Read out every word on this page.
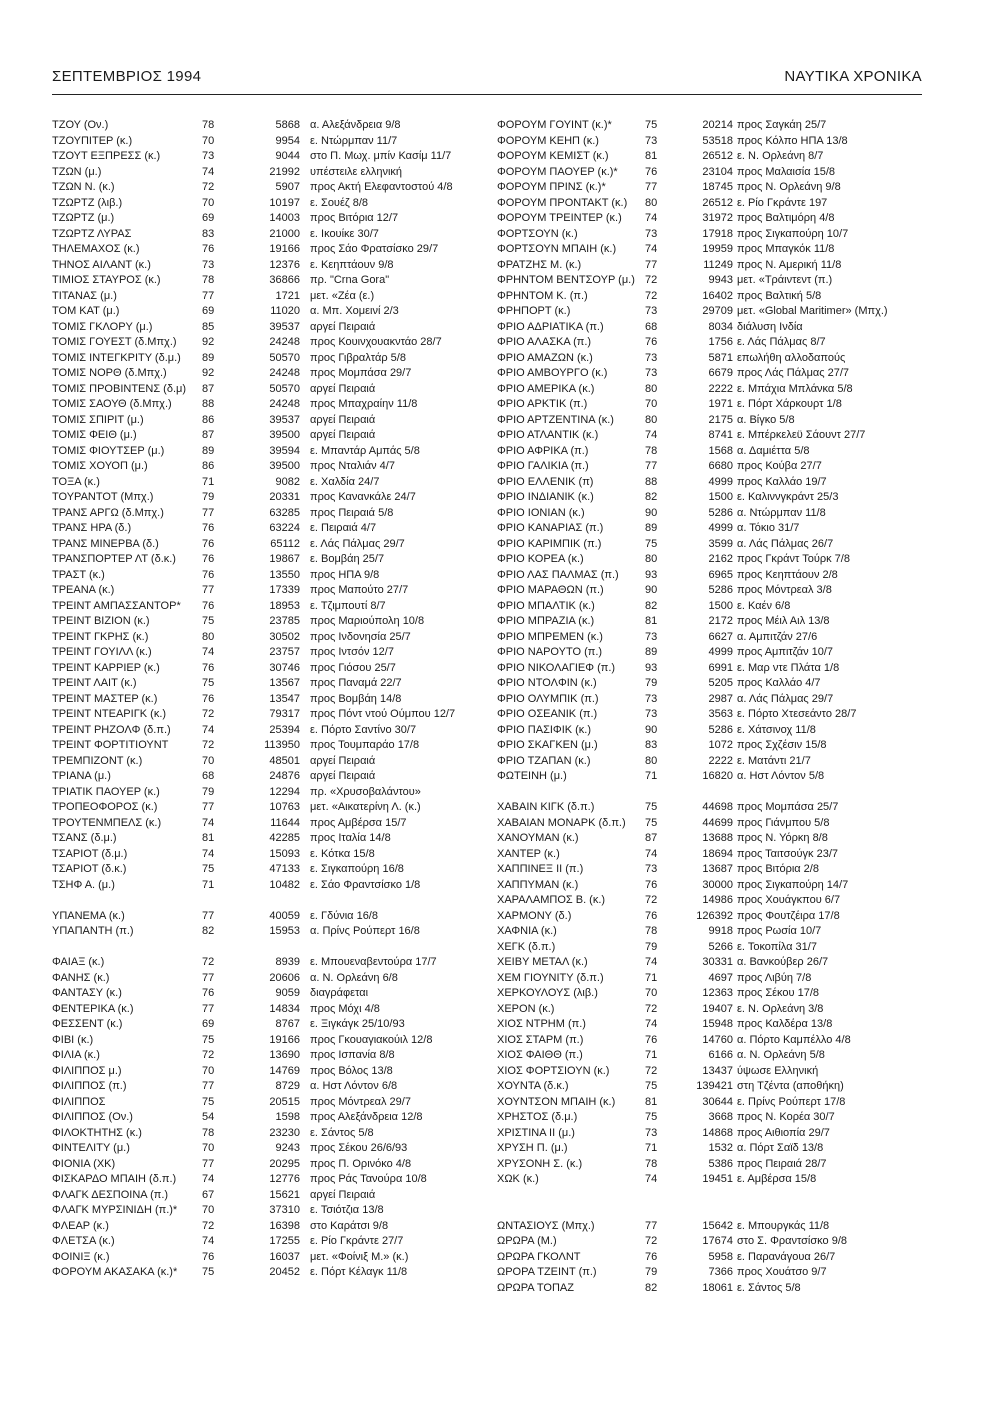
ΣΕΠΤΕΜΒΡΙΟΣ 1994	ΝΑΥΤΙΚΑ ΧΡΟΝΙΚΑ
ΤΖΟΥ (Ον.)	78	5868 α. Αλεξάνδρεια 9/8
ΤΖΟΥΠΙΤΕΡ (κ.)	70	9954 ε. Ντώρμπαν 11/7
ΤΖΟΥΤ ΕΞΠΡΕΣΣ (κ.)	73	9044 στο Π. Μωχ. μπίν Κασίμ 11/7
ΤΖΩΝ (μ.)	74	21992 υπέστειλε ελληνική
ΤΖΩΝ Ν. (κ.)	72	5907 προς Ακτή Ελεφαντοστού 4/8
ΤΖΩΡΤΖ (λιβ.)	70	10197 ε. Σουέζ 8/8
ΤΖΩΡΤΖ (μ.)	69	14003 προς Βιτόρια 12/7
ΤΖΩΡΤΖ ΛΥΡΑΣ	83	21000 ε. Ικουίκε 30/7
ΤΗΛΕΜΑΧΟΣ (κ.)	76	19166 προς Σάο Φρατσίσκο 29/7
ΤΗΝΟΣ ΑΙΛΑΝΤ (κ.)	73	12376 ε. Κεηπτάουν 9/8
ΤΙΜΙΟΣ ΣΤΑΥΡΟΣ (κ.)	78	36866 πρ. "Crna Gora"
ΤΙΤΑΝΑΣ (μ.)	77	1721 μετ. «Ζέα (ε.)
ΤΟΜ ΚΑΤ (μ.)	69	11020 α. Μπ. Χομεινί 2/3
ΤΟΜΙΣ ΓΚΛΟΡΥ (μ.)	85	39537 αργεί Πειραιά
ΤΟΜΙΣ ΓΟΥΕΣΤ (δ.Μπχ.)	92	24248 προς Κουινχουακντάο 28/7
ΤΟΜΙΣ ΙΝΤΕΓΚΡΙΤΥ (δ.μ.)	89	50570 προς Γιβραλτάρ 5/8
ΤΟΜΙΣ ΝΟΡΘ (δ.Μπχ.)	92	24248 προς Μομπάσα 29/7
ΤΟΜΙΣ ΠΡΟΒΙΝΤΕΝΣ (δ.μ)	87	50570 αργεί Πειραιά
ΤΟΜΙΣ ΣΑΟΥΘ (δ.Μπχ.)	88	24248 προς Μπαχραίην 11/8
ΤΟΜΙΣ ΣΠΙΡΙΤ (μ.)	86	39537 αργεί Πειραιά
ΤΟΜΙΣ ΦΕΙΘ (μ.)	87	39500 αργεί Πειραιά
ΤΟΜΙΣ ΦΙΟΥΤΣΕΡ (μ.)	89	39594 ε. Μπαντάρ Αμπάς 5/8
ΤΟΜΙΣ ΧΟΥΟΠ (μ.)	86	39500 προς Νταλιάν 4/7
ΤΟΞΑ (κ.)	71	9082 ε. Χαλδία 24/7
ΤΟΥΡΑΝΤΟΤ (Μπχ.)	79	20331 προς Κανανκάλε 24/7
ΤΡΑΝΣ ΑΡΓΩ (δ.Μπχ.)	77	63285 προς Πειραιά 5/8
ΤΡΑΝΣ ΗΡΑ (δ.)	76	63224 ε. Πειραιά 4/7
ΤΡΑΝΣ ΜΙΝΕΡΒΑ (δ.)	76	65112 ε. Λάς Πάλμας 29/7
ΤΡΑΝΣΠΟΡΤΕΡ ΛΤ (δ.κ.)	76	19867 ε. Βομβάη 25/7
ΤΡΑΣΤ (κ.)	76	13550 προς ΗΠΑ 9/8
ΤΡΕΑΝΑ (κ.)	77	17339 προς Μαπούτο 27/7
ΤΡΕΙΝΤ ΑΜΠΑΣΣΑΝΤΟΡ*	76	18953 ε. Τζιμπουτί 8/7
ΤΡΕΙΝΤ ΒΙΖΙΟΝ (κ.)	75	23785 προς Μαριούπολη 10/8
ΤΡΕΙΝΤ ΓΚΡΗΣ (κ.)	80	30502 προς Ινδονησία 25/7
ΤΡΕΙΝΤ ΓΟΥΙΛΛ (κ.)	74	23757 προς Ιντσόν 12/7
ΤΡΕΙΝΤ ΚΑΡΡΙΕΡ (κ.)	76	30746 προς Γιόσου 25/7
ΤΡΕΙΝΤ ΛΑΙΤ (κ.)	75	13567 προς Παναμά 22/7
ΤΡΕΙΝΤ ΜΑΣΤΕΡ (κ.)	76	13547 προς Βομβάη 14/8
ΤΡΕΙΝΤ ΝΤΕΑΡΙΓΚ (κ.)	72	79317 προς Πόντ ντού Ούμπου 12/7
ΤΡΕΙΝΤ ΡΗΖΟΛΦ (δ.π.)	74	25394 ε. Πόρτο Σαντίνο 30/7
ΤΡΕΙΝΤ ΦΟΡΤΙΤΙΟΥΝΤ	72	113950 προς Τουμπαράο 17/8
ΤΡΕΜΠΙΖΟΝΤ (κ.)	70	48501 αργεί Πειραιά
ΤΡΙΑΝΑ (μ.)	68	24876 αργεί Πειραιά
ΤΡΙΑΤΙΚ ΠΑΟΥΕΡ (κ.)	79	12294 πρ. «Χρυσοβαλάντου»
ΤΡΟΠΕΟΦΟΡΟΣ (κ.)	77	10763 μετ. «Αικατερίνη Λ. (κ.)
ΤΡΟΥΤΕΝΜΠΕΛΣ (κ.)	74	11644 προς Αμβέρσα 15/7
ΤΣΑΝΣ (δ.μ.)	81	42285 προς Ιταλία 14/8
ΤΣΑΡΙΟΤ (δ.μ.)	74	15093 ε. Κότκα 15/8
ΤΣΑΡΙΟΤ (δ.κ.)	75	47133 ε. Σιγκαπούρη 16/8
ΤΣΗΦ Α. (μ.)	71	10482 ε. Σάο Φραντσίσκο 1/8
ΥΠΑΝΕΜΑ (κ.)	77	40059 ε. Γδύνια 16/8
ΥΠΑΠΑΝΤΗ (π.)	82	15953 α. Πρίνς Ρούπερτ 16/8
ΦΑΙΑΞ (κ.)	72	8939 ε. Μπουεναβεντούρα 17/7
ΦΑΝΗΣ (κ.)	77	20606 α. Ν. Ορλεάνη 6/8
ΦΑΝΤΑΣΥ (κ.)	76	9059 διαγράφεται
ΦΕΝΤΕΡΙΚΑ (κ.)	77	14834 προς Μόχι 4/8
ΦΕΣΣΕΝΤ (κ.)	69	8767 ε. Ξιγκάγκ 25/10/93
ΦΙΒΙ (κ.)	75	19166 προς Γκουαγιακούιλ 12/8
ΦΙΛΙΑ (κ.)	72	13690 προς Ισπανία 8/8
ΦΙΛΙΠΠΟΣ μ.)	70	14769 προς Βόλος 13/8
ΦΙΛΙΠΠΟΣ (π.)	77	8729 α. Ηστ Λόντον 6/8
ΦΙΛΙΠΠΟΣ	75	20515 προς Μόντρεαλ 29/7
ΦΙΛΙΠΠΟΣ (Ον.)	54	1598 προς Αλεξάνδρεια 12/8
ΦΙΛΟΚΤΗΤΗΣ (κ.)	78	23230 ε. Σάντος 5/8
ΦΙΝΤΕΛΙΤΥ (μ.)	70	9243 προς Σέκου 26/6/93
ΦΙΟΝΙΑ (ΧΚ)	77	20295 προς Π. Ορινόκο 4/8
ΦΙΣΚΑΡΔΟ ΜΠΑΙΗ (δ.π.)	74	12776 προς Ράς Τανούρα 10/8
ΦΛΑΓΚ ΔΕΣΠΟΙΝΑ (π.)	67	15621 αργεί Πειραιά
ΦΛΑΓΚ ΜΥΡΣΙΝΙΔΗ (π.)*	70	37310 ε. Τσιότζια 13/8
ΦΛΕΑΡ (κ.)	72	16398 στο Καράτσι 9/8
ΦΛΕΤΣΑ (κ.)	74	17255 ε. Ρίο Γκράντε 27/7
ΦΟΙΝΙΞ (κ.)	76	16037 μετ. «Φοίνιξ Μ.» (κ.)
ΦΟΡΟΥΜ ΑΚΑΣΑΚΑ (κ.)*	75	20452 ε. Πόρτ Κέλαγκ 11/8
ΦΟΡΟΥΜ ΓΟΥΙΝΤ (κ.)*	75	20214 προς Σαγκάη 25/7
ΦΟΡΟΥΜ ΚΕΗΠ (κ.)	73	53518 προς Κόλπο ΗΠΑ 13/8
ΦΟΡΟΥΜ ΚΕΜΙΣΤ (κ.)	81	26512 ε. Ν. Ορλεάνη 8/7
ΦΟΡΟΥΜ ΠΑΟΥΕΡ (κ.)*	76	23104 προς Μαλαισία 15/8
ΦΟΡΟΥΜ ΠΡΙΝΣ (κ.)*	77	18745 προς Ν. Ορλεάνη 9/8
ΦΟΡΟΥΜ ΠΡΟΝΤΑΚΤ (κ.)	80	26512 ε. Ρίο Γκράντε 197
ΦΟΡΟΥΜ ΤΡΕΙΝΤΕΡ (κ.)	74	31972 προς Βαλτιμόρη 4/8
ΦΟΡΤΣΟΥΝ (κ.)	73	17918 προς Σιγκαπούρη 10/7
ΦΟΡΤΣΟΥΝ ΜΠΑΙΗ (κ.)	74	19959 προς Μπαγκόκ 11/8
ΦΡΑΤΖΗΣ Μ. (κ.)	77	11249 προς Ν. Αμερική 11/8
ΦΡΗΝΤΟΜ ΒΕΝΤΣΟΥΡ (μ.) 72	9943 μετ. «Τράιντεντ (π.)
ΦΡΗΝΤΟΜ Κ. (π.)	72	16402 προς Βαλτική 5/8
ΦΡΗΠΟΡΤ (κ.)	73	29709 μετ. «Global Maritimer» (Μπχ.)
ΦΡΙΟ ΑΔΡΙΑΤΙΚΑ (π.)	68	8034 διάλυση Ινδία
ΦΡΙΟ ΑΛΑΣΚΑ (π.)	76	1756 ε. Λάς Πάλμας 8/7
ΦΡΙΟ ΑΜΑΖΩΝ (κ.)	73	5871 επωλήθη αλλοδαπούς
ΦΡΙΟ ΑΜΒΟΥΡΓΟ (κ.)	73	6679 προς Λάς Πάλμας 27/7
ΦΡΙΟ ΑΜΕΡΙΚΑ (κ.)	80	2222 ε. Μπάχια Μπλάνκα 5/8
ΦΡΙΟ ΑΡΚΤΙΚ (π.)	70	1971 ε. Πόρτ Χάρκουρτ 1/8
ΦΡΙΟ ΑΡΤΖΕΝΤΙΝΑ (κ.)	80	2175 α. Βίγκο 5/8
ΦΡΙΟ ΑΤΛΑΝΤΙΚ (κ.)	74	8741 ε. Μπέρκελεϋ Σάουντ 27/7
ΦΡΙΟ ΑΦΡΙΚΑ (π.)	78	1568 α. Δαμιέττα 5/8
ΦΡΙΟ ΓΑΛΙΚΙΑ (π.)	77	6680 προς Κούβα 27/7
ΦΡΙΟ ΕΛΛΕΝΙΚ (π)	88	4999 προς Καλλάο 19/7
ΦΡΙΟ ΙΝΔΙΑΝΙΚ (κ.)	82	1500 ε. Καλιννγκράντ 25/3
ΦΡΙΟ ΙΟΝΙΑΝ (κ.)	90	5286 α. Ντώρμπαν 11/8
ΦΡΙΟ ΚΑΝΑΡΙΑΣ (π.)	89	4999 α. Τόκιο 31/7
ΦΡΙΟ ΚΑΡΙΜΠΙΚ (π.)	75	3599 α. Λάς Πάλμας 26/7
ΦΡΙΟ ΚΟΡΕΑ (κ.)	80	2162 προς Γκράντ Τούρκ 7/8
ΦΡΙΟ ΛΑΣ ΠΑΛΜΑΣ (π.)	93	6965 προς Κεηπτάουν 2/8
ΦΡΙΟ ΜΑΡΑΘΩΝ (π.)	90	5286 προς Μόντρεαλ 3/8
ΦΡΙΟ ΜΠΑΛΤΙΚ (κ.)	82	1500 ε. Καέν 6/8
ΦΡΙΟ ΜΠΡΑΖΙΑ (κ.)	81	2172 προς Μέιλ Αιλ 13/8
ΦΡΙΟ ΜΠΡΕΜΕΝ (κ.)	73	6627 α. Αμπιτζάν 27/6
ΦΡΙΟ ΝΑΡΟΥΤΟ (π.)	89	4999 προς Αμπιτζάν 10/7
ΦΡΙΟ ΝΙΚΟΛΑΓΙΕΦ (π.)	93	6991 ε. Μαρ ντε Πλάτα 1/8
ΦΡΙΟ ΝΤΟΛΦΙΝ (κ.)	79	5205 προς Καλλάο 4/7
ΦΡΙΟ ΟΛΥΜΠΙΚ (π.)	73	2987 α. Λάς Πάλμας 29/7
ΦΡΙΟ ΟΣΕΑΝΙΚ (π.)	73	3563 ε. Πόρτο Χτεσεάντο 28/7
ΦΡΙΟ ΠΑΣΙΦΙΚ (κ.)	90	5286 ε. Χάτσινοχ 11/8
ΦΡΙΟ ΣΚΑΓΚΕΝ (μ.)	83	1072 προς Σχζέσιν 15/8
ΦΡΙΟ ΤΖΑΠΑΝ (κ.)	80	2222 ε. Ματάντι 21/7
ΦΩΤΕΙΝΗ (μ.)	71	16820 α. Ηστ Λόντον 5/8
ΧΑΒΑΙΝ ΚΙΓΚ (δ.π.)	75	44698 προς Μομπάσα 25/7
ΧΑΒΑΙΑΝ ΜΟΝΑΡΚ (δ.π.)	75	44699 προς Γιάνμπου 5/8
ΧΑΝΟΥΜΑΝ (κ.)	87	13688 προς Ν. Υόρκη 8/8
ΧΑΝΤΕΡ (κ.)	74	18694 προς Ταιτσούγκ 23/7
ΧΑΠΠΙΝΕΞ ΙΙ (π.)	73	13687 προς Βιτόρια 2/8
ΧΑΠΠΥΜΑΝ (κ.)	76	30000 προς Σιγκαπούρη 14/7
ΧΑΡΑΛΑΜΠΟΣ Β. (κ.)	72	14986 προς Χουάγκπου 6/7
ΧΑΡΜΟΝΥ (δ.)	76	126392 προς Φουτζέιρα 17/8
ΧΑΦΝΙΑ (κ.)	78	9918 προς Ρωσία 10/7
ΧΕΓΚ (δ.π.)	79	5266 ε. Τοκοπίλα 31/7
ΧΕΙΒΥ ΜΕΤΑΛ (κ.)	74	30331 α. Βανκούβερ 26/7
ΧΕΜ ΓΙΟΥΝΙΤΥ (δ.π.)	71	4697 προς Λιβύη 7/8
ΧΕΡΚΟΥΛΟΥΣ (λιβ.)	70	12363 προς Σέκου 17/8
ΧΕΡΟΝ (κ.)	72	19407 ε. Ν. Ορλεάνη 3/8
ΧΙΟΣ ΝΤΡΗΜ (π.)	74	15948 προς Καλδέρα 13/8
ΧΙΟΣ ΣΤΑΡΜ (π.)	76	14760 α. Πόρτο Καμπέλλο 4/8
ΧΙΟΣ ΦΑΙΘΘ (π.)	71	6166 α. Ν. Ορλεάνη 5/8
ΧΙΟΣ ΦΟΡΤΣΙΟΥΝ (κ.)	72	13437 ύψωσε Ελληνική
ΧΟΥΝΤΑ (δ.κ.)	75	139421 στη Τζέντα (αποθήκη)
ΧΟΥΝΤΣΟΝ ΜΠΑΙΗ (κ.)	81	30644 ε. Πρίνς Ρούπερτ 17/8
ΧΡΗΣΤΟΣ (δ.μ.)	75	3668 προς Ν. Κορέα 30/7
ΧΡΙΣΤΙΝΑ ΙΙ (μ.)	73	14868 προς Αιθιοπία 29/7
ΧΡΥΣΗ Π. (μ.)	71	1532 α. Πόρτ Σαϊδ 13/8
ΧΡΥΣΟΝΗ Σ. (κ.)	78	5386 προς Πειραιά 28/7
ΧΩΚ (κ.)	74	19451 ε. Αμβέρσα 15/8
ΩΝΤΑΣΙΟΥΣ (Μπχ.)	77	15642 ε. Μπουργκάς 11/8
ΩΡΩΡΑ (Μ.)	72	17674 στο Σ. Φραντσίσκο 9/8
ΩΡΩΡΑ ΓΚΟΛΝΤ	76	5958 ε. Παρανάγουα 26/7
ΩΡΟΡΑ ΤΖΕΙΝΤ (π.)	79	7366 προς Χουάτσο 9/7
ΩΡΩΡΑ ΤΟΠΑΖ	82	18061 ε. Σάντος 5/8
